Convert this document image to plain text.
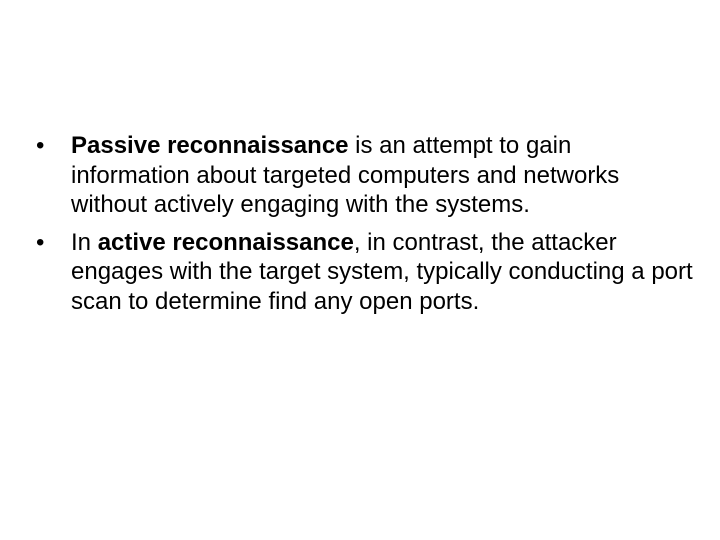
• Passive reconnaissance is an attempt to gain information about targeted computers and networks without actively engaging with the systems.
• In active reconnaissance, in contrast, the attacker engages with the target system, typically conducting a port scan to determine find any open ports.
